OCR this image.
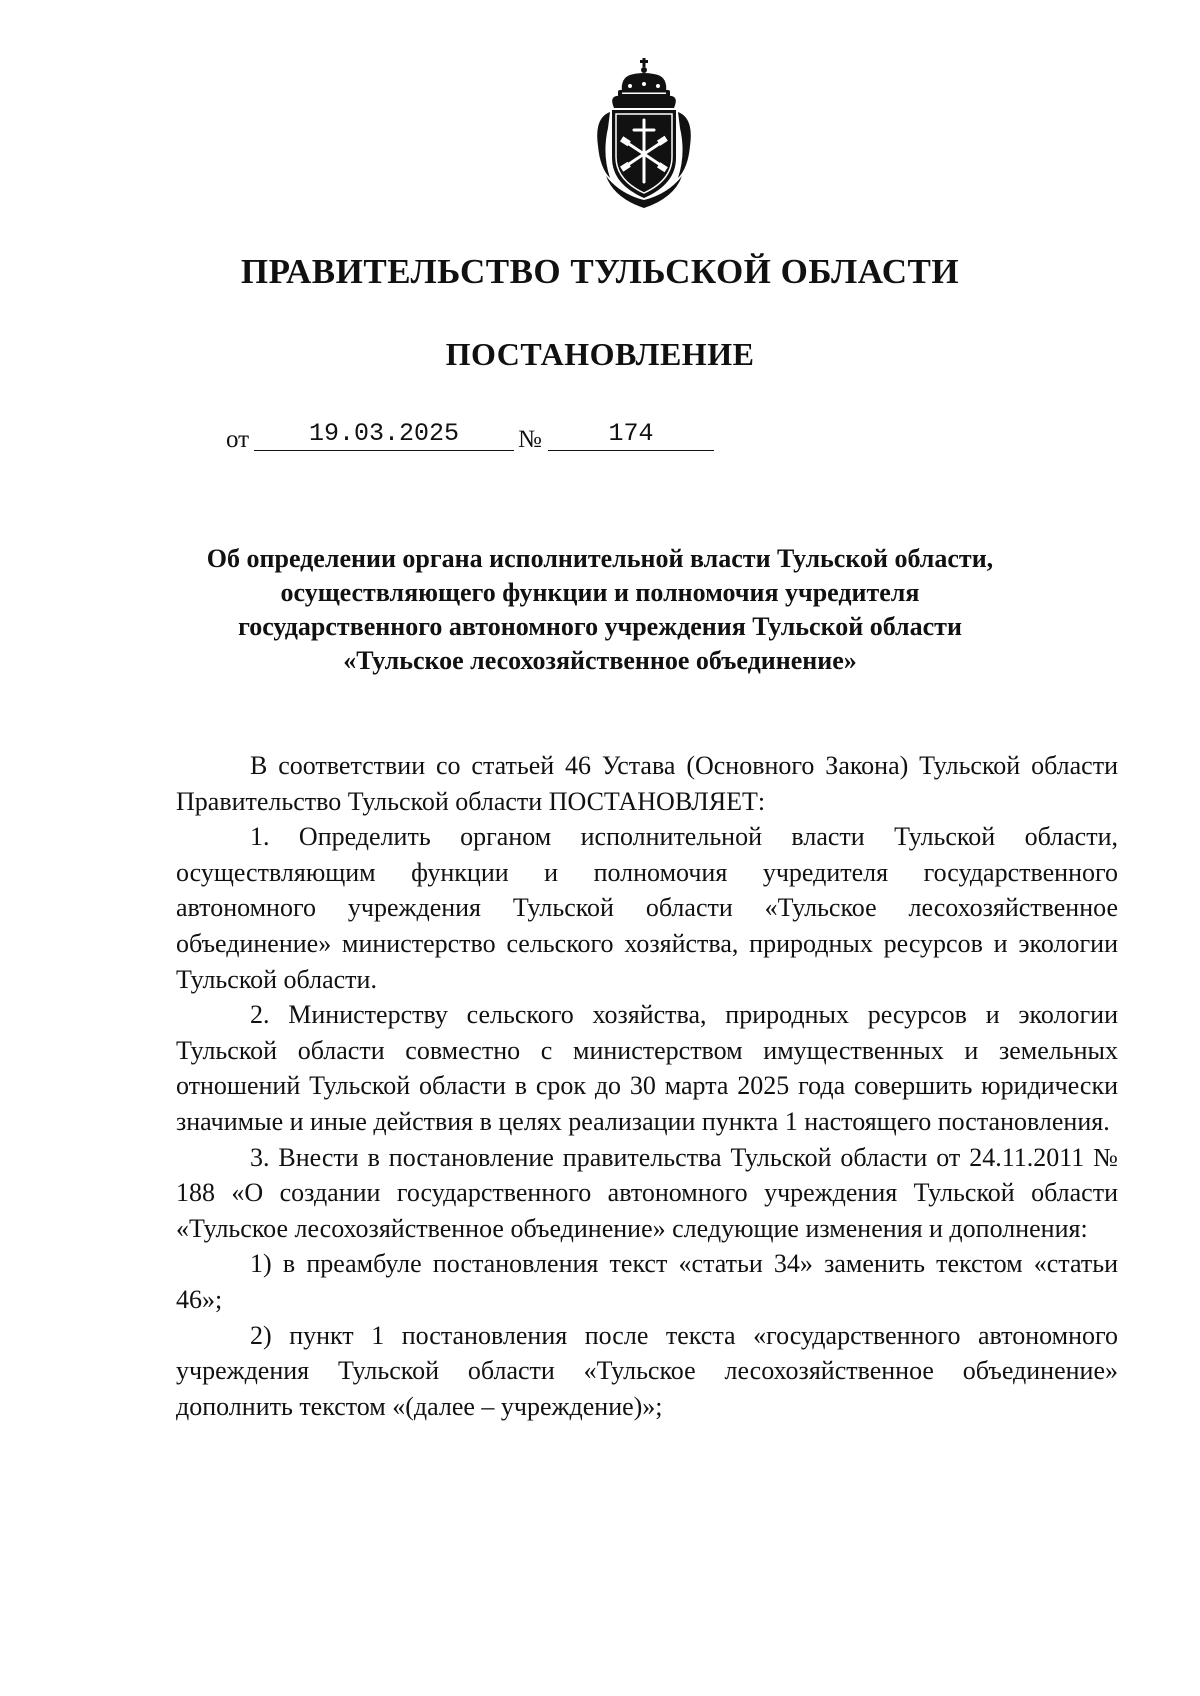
ПРАВИТЕЛЬСТВО ТУЛЬСКОЙ ОБЛАСТИ
ПОСТАНОВЛЕНИЕ
от	19.03.2025	№	174
Об определении органа исполнительной власти Тульской области,
осуществляющего функции и полномочия учредителя
государственного автономного учреждения Тульской области
«Тульское лесохозяйственное объединение»

В соответствии со статьей 46 Устава (Основного Закона) Тульской области Правительство Тульской области ПОСТАНОВЛЯЕТ:

1. Определить органом исполнительной власти Тульской области, осуществляющим функции и полномочия учредителя государственного автономного учреждения Тульской области «Тульское лесохозяйственное объединение» министерство сельского хозяйства, природных ресурсов и экологии Тульской области.

2. Министерству сельского хозяйства, природных ресурсов и экологии Тульской области совместно с министерством имущественных и земельных отношений Тульской области в срок до 30 марта 2025 года совершить юридически значимые и иные действия в целях реализации пункта 1 настоящего постановления.

3. Внести в постановление правительства Тульской области от 24.11.2011 № 188 «О создании государственного автономного учреждения Тульской области «Тульское лесохозяйственное объединение» следующие изменения и дополнения:

1) в преамбуле постановления текст «статьи 34» заменить текстом «статьи 46»;

2) пункт 1 постановления после текста «государственного автономного учреждения Тульской области «Тульское лесохозяйственное объединение» дополнить текстом «(далее – учреждение)»;
